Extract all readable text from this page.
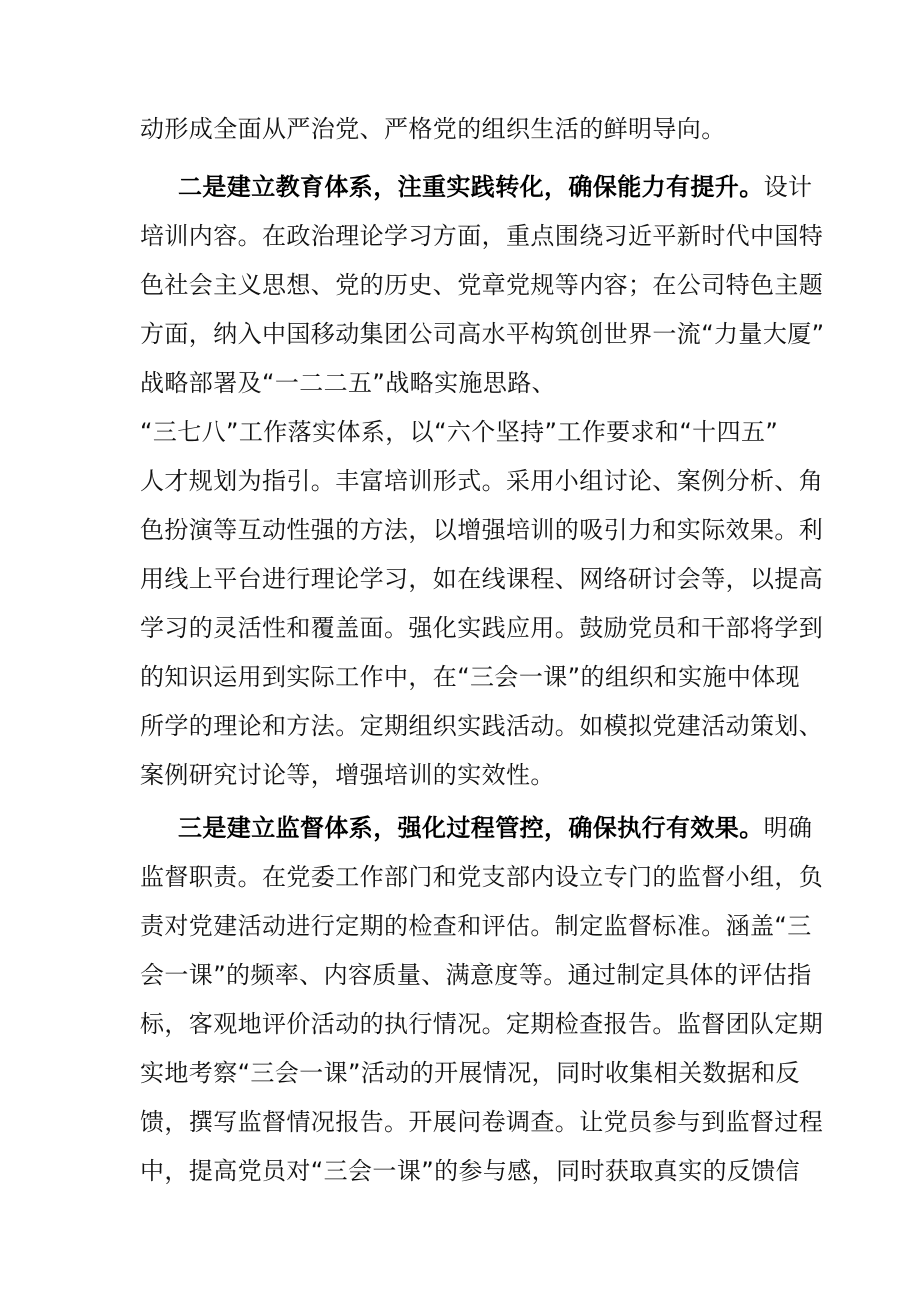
动形成全面从严治党、严格党的组织生活的鲜明导向。
二是建立教育体系，注重实践转化，确保能力有提升。设计
培训内容。在政治理论学习方面，重点围绕习近平新时代中国特
色社会主义思想、党的历史、党章党规等内容；在公司特色主题
方面，纳入中国移动集团公司高水平构筑创世界一流“力量大厦”
战略部署及“一二二五”战略实施思路、
“三七八”工作落实体系，以“六个坚持”工作要求和“十四五”
人才规划为指引。丰富培训形式。采用小组讨论、案例分析、角
色扮演等互动性强的方法，以增强培训的吸引力和实际效果。利
用线上平台进行理论学习，如在线课程、网络研讨会等，以提高
学习的灵活性和覆盖面。强化实践应用。鼓励党员和干部将学到
的知识运用到实际工作中，在“三会一课”的组织和实施中体现
所学的理论和方法。定期组织实践活动。如模拟党建活动策划、
案例研究讨论等，增强培训的实效性。
三是建立监督体系，强化过程管控，确保执行有效果。明确
监督职责。在党委工作部门和党支部内设立专门的监督小组，负
责对党建活动进行定期的检查和评估。制定监督标准。涵盖“三
会一课”的频率、内容质量、满意度等。通过制定具体的评估指
标，客观地评价活动的执行情况。定期检查报告。监督团队定期
实地考察“三会一课”活动的开展情况，同时收集相关数据和反
馈，撰写监督情况报告。开展问卷调查。让党员参与到监督过程
中，提高党员对“三会一课”的参与感，同时获取真实的反馈信
